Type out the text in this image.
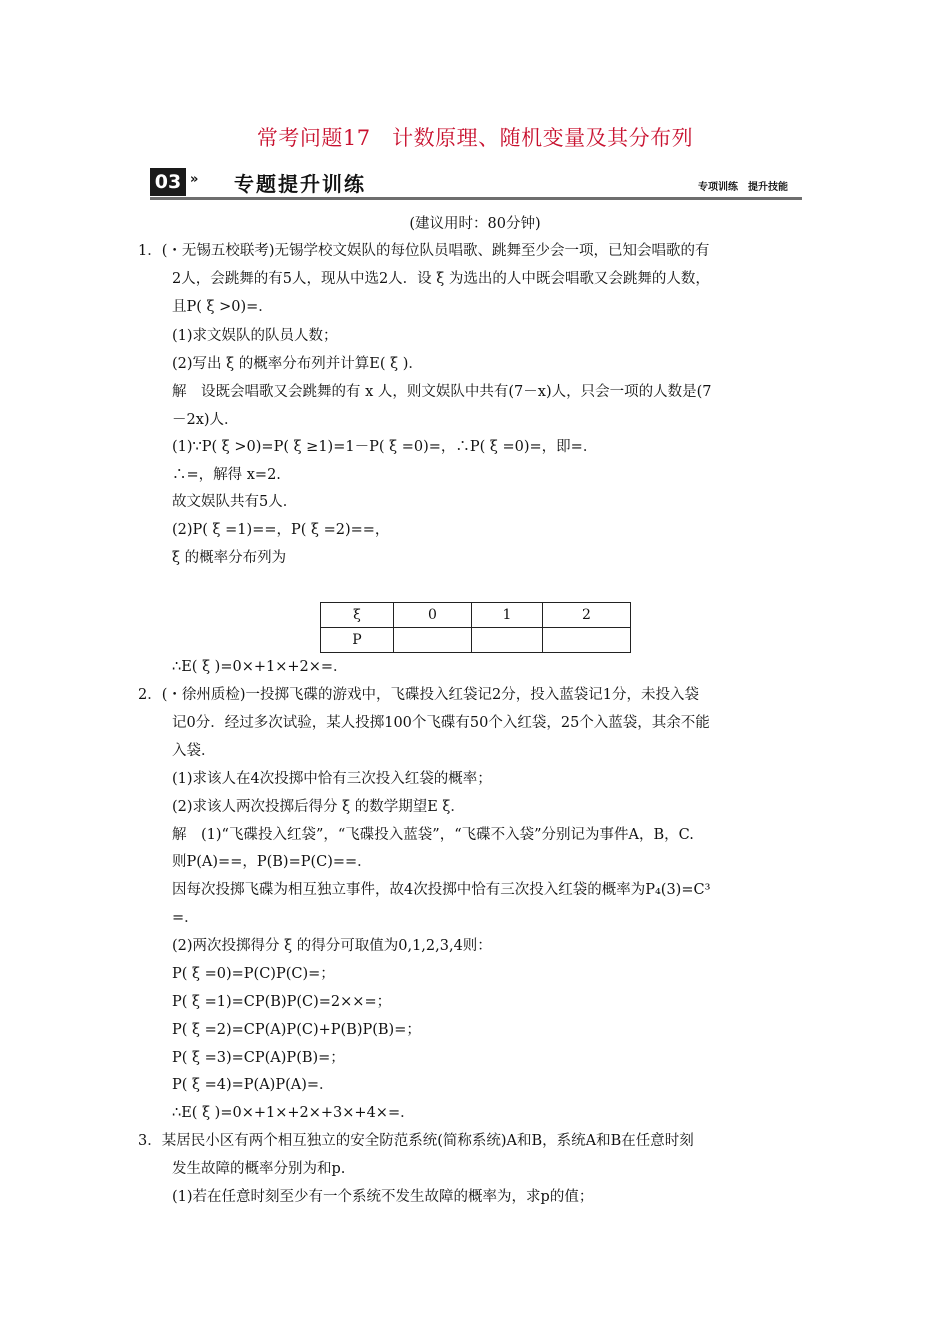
常考问题17　计数原理、随机变量及其分布列
03 » 专题提升训练	专项训练　提升技能
(建议用时：80分钟)
1．(・无锡五校联考)无锡学校文娱队的每位队员唱歌、跳舞至少会一项，已知会唱歌的有
2人，会跳舞的有5人，现从中选2人．设 ξ 为选出的人中既会唱歌又会跳舞的人数，
且P( ξ >0)=．
(1)求文娱队的队员人数；
(2)写出 ξ 的概率分布列并计算E( ξ )．
解　设既会唱歌又会跳舞的有 x 人，则文娱队中共有(7－x)人，只会一项的人数是(7
－2x)人．
(1)∵P( ξ >0)=P( ξ ≥1)=1－P( ξ =0)=，∴P( ξ =0)=，即=．
∴=，解得 x=2.
故文娱队共有5人．
(2)P( ξ =1)==，P( ξ =2)==，
ξ 的概率分布列为
ξ	0	1	2
P			
∴E( ξ )=0×+1×+2×=．
2．(・徐州质检)一投掷飞碟的游戏中，飞碟投入红袋记2分，投入蓝袋记1分，未投入袋
记0分．经过多次试验，某人投掷100个飞碟有50个入红袋，25个入蓝袋，其余不能
入袋．
(1)求该人在4次投掷中恰有三次投入红袋的概率；
(2)求该人两次投掷后得分 ξ 的数学期望E ξ．
解　(1)“飞碟投入红袋”，“飞碟投入蓝袋”，“飞碟不入袋”分别记为事件A，B，C.
则P(A)==，P(B)=P(C)==．
因每次投掷飞碟为相互独立事件，故4次投掷中恰有三次投入红袋的概率为P₄(3)=C³
=．
(2)两次投掷得分 ξ 的得分可取值为0,1,2,3,4则：
P( ξ =0)=P(C)P(C)=；
P( ξ =1)=CP(B)P(C)=2××=；
P( ξ =2)=CP(A)P(C)+P(B)P(B)=；
P( ξ =3)=CP(A)P(B)=；
P( ξ =4)=P(A)P(A)=．
∴E( ξ )=0×+1×+2×+3×+4×=．
3．某居民小区有两个相互独立的安全防范系统(简称系统)A和B，系统A和B在任意时刻
发生故障的概率分别为和p.
(1)若在任意时刻至少有一个系统不发生故障的概率为，求p的值；
